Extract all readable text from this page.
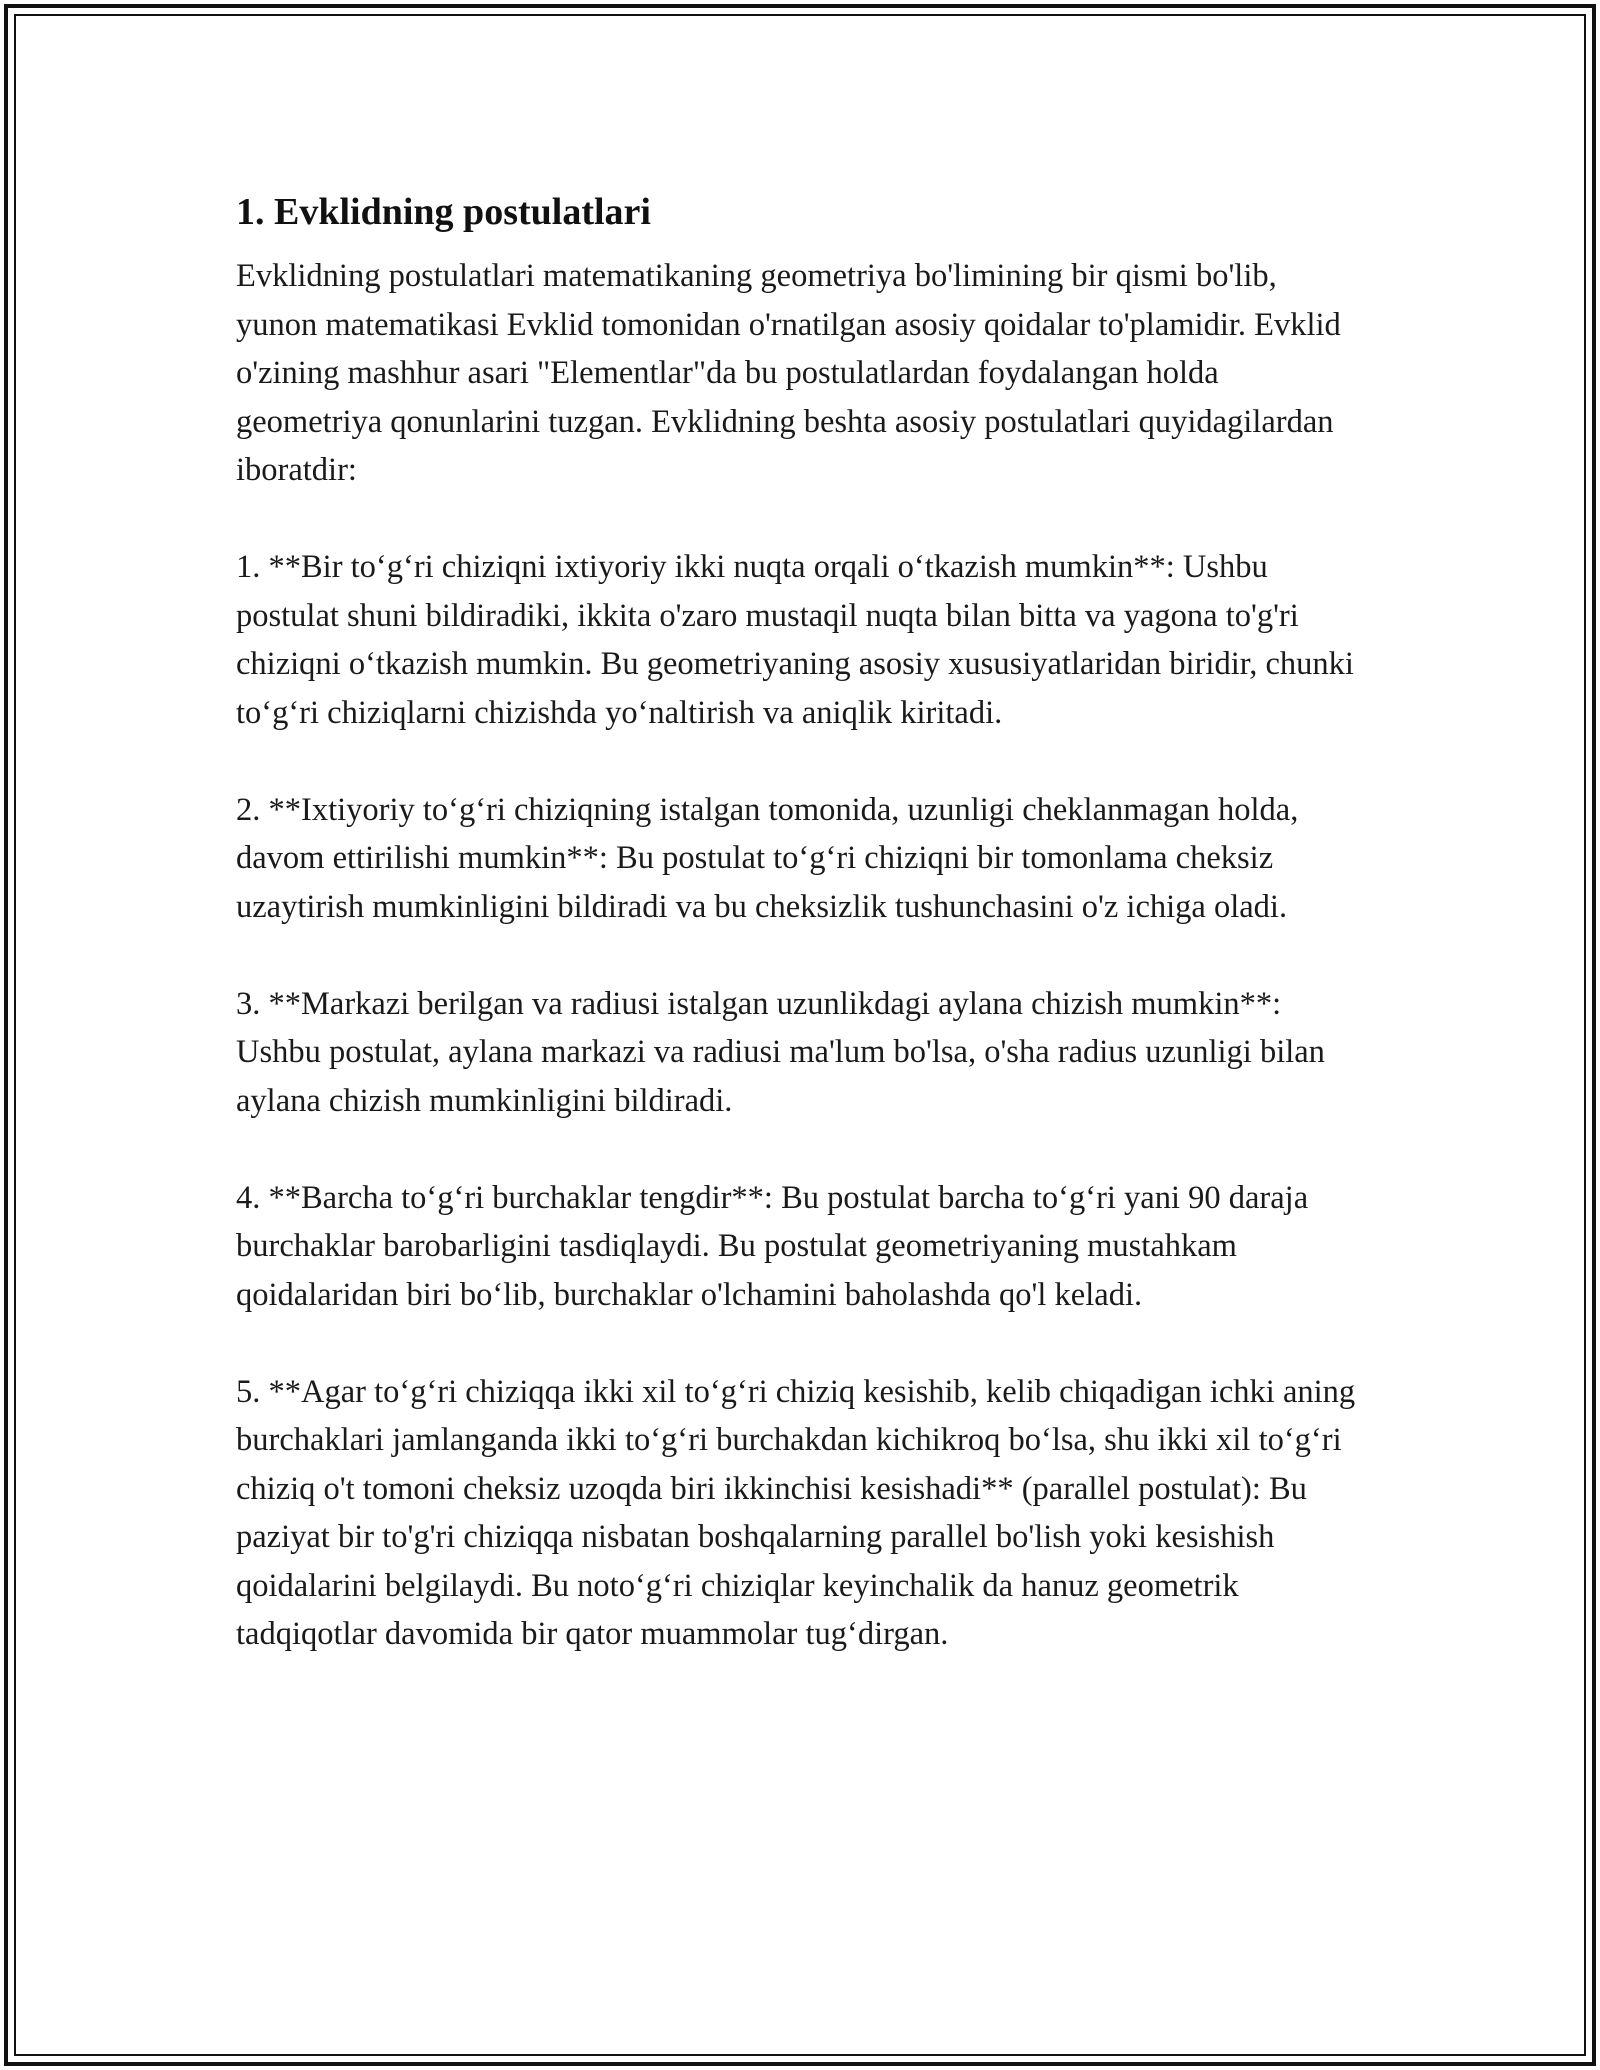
1. Evklidning postulatlari

Evklidning postulatlari matematikaning geometriya bo'limining bir qismi bo'lib, yunon matematikasi Evklid tomonidan o'rnatilgan asosiy qoidalar to'plamidir. Evklid o'zining mashhur asari "Elementlar"da bu postulatlardan foydalangan holda geometriya qonunlarini tuzgan. Evklidning beshta asosiy postulatlari quyidagilardan iboratdir:

1. **Bir to‘g‘ri chiziqni ixtiyoriy ikki nuqta orqali o‘tkazish mumkin**: Ushbu postulat shuni bildiradiki, ikkita o'zaro mustaqil nuqta bilan bitta va yagona to'g'ri chiziqni o‘tkazish mumkin. Bu geometriyaning asosiy xususiyatlaridan biridir, chunki to‘g‘ri chiziqlarni chizishda yo‘naltirish va aniqlik kiritadi.

2. **Ixtiyoriy to‘g‘ri chiziqning istalgan tomonida, uzunligi cheklanmagan holda, davom ettirilishi mumkin**: Bu postulat to‘g‘ri chiziqni bir tomonlama cheksiz uzaytirish mumkinligini bildiradi va bu cheksizlik tushunchasini o'z ichiga oladi.

3. **Markazi berilgan va radiusi istalgan uzunlikdagi aylana chizish mumkin**: Ushbu postulat, aylana markazi va radiusi ma'lum bo'lsa, o'sha radius uzunligi bilan aylana chizish mumkinligini bildiradi.

4. **Barcha to‘g‘ri burchaklar tengdir**: Bu postulat barcha to‘g‘ri yani 90 daraja burchaklar barobarligini tasdiqlaydi. Bu postulat geometriyaning mustahkam qoidalaridan biri bo‘lib, burchaklar o'lchamini baholashda qo'l keladi.

5. **Agar to‘g‘ri chiziqqa ikki xil to‘g‘ri chiziq kesishib, kelib chiqadigan ichki aning burchaklari jamlanganda ikki to‘g‘ri burchakdan kichikroq bo‘lsa, shu ikki xil to‘g‘ri chiziq o't tomoni cheksiz uzoqda biri ikkinchisi kesishadi** (parallel postulat): Bu paziyat bir to'g'ri chiziqqa nisbatan boshqalarning parallel bo'lish yoki kesishish qoidalarini belgilaydi. Bu noto‘g‘ri chiziqlar keyinchalik da hanuz geometrik tadqiqotlar davomida bir qator muammolar tug‘dirgan.
